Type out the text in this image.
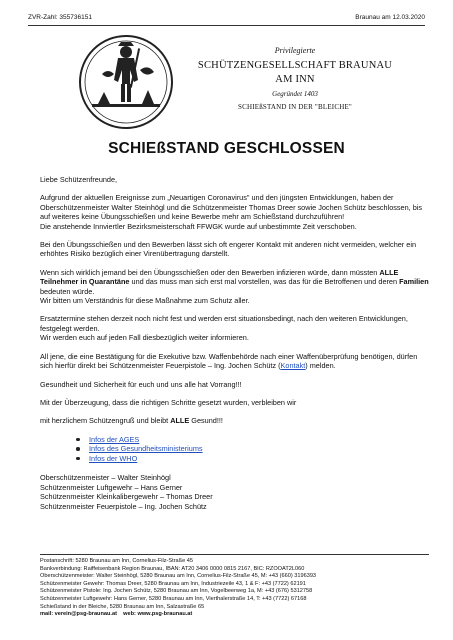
ZVR-Zahl: 355736151	Braunau am 12.03.2020
Privilegierte
SCHÜTZENGESELLSCHAFT BRAUNAU AM INN
Gegründet 1403
SCHIEßSTAND IN DER "BLEICHE"
SCHIEßSTAND GESCHLOSSEN

Liebe Schützenfreunde,

Aufgrund der aktuellen Ereignisse zum „Neuartigen Coronavirus" und den jüngsten Entwicklungen, haben der Oberschützenmeister Walter Steinhögl und die Schützenmeister Thomas Dreer sowie Jochen Schütz beschlossen, bis auf weiteres keine Übungsschießen und keine Bewerbe mehr am Schießstand durchzuführen!
Die anstehende Innviertler Bezirksmeisterschaft FFWGK wurde auf unbestimmte Zeit verschoben.

Bei den Übungsschießen und den Bewerben lässt sich oft engerer Kontakt mit anderen nicht vermeiden, welcher ein erhöhtes Risiko bezüglich einer Virenübertragung darstellt.

Wenn sich wirklich jemand bei den Übungsschießen oder den Bewerben infizieren würde, dann müssten ALLE Teilnehmer in Quarantäne und das muss man sich erst mal vorstellen, was das für die Betroffenen und deren Familien bedeuten würde.
Wir bitten um Verständnis für diese Maßnahme zum Schutz aller.

Ersatztermine stehen derzeit noch nicht fest und werden erst situationsbedingt, nach den weiteren Entwicklungen, festgelegt werden.
Wir werden euch auf jeden Fall diesbezüglich weiter informieren.

All jene, die eine Bestätigung für die Exekutive bzw. Waffenbehörde nach einer Waffenüberprüfung benötigen, dürfen sich hierfür direkt bei Schützenmeister Feuerpistole – Ing. Jochen Schütz (Kontakt) melden.

Gesundheit und Sicherheit für euch und uns alle hat Vorrang!!!

Mit der Überzeugung, dass die richtigen Schritte gesetzt wurden, verbleiben wir

mit herzlichem Schützengruß und bleibt ALLE Gesund!!!

Infos der AGES
Infos des Gesundheitsministeriums
Infos der WHO
Oberschützenmeister – Walter Steinhögl
Schützenmeister Luftgewehr – Hans Gerner
Schützenmeister Kleinkalibergewehr – Thomas Dreer
Schützenmeister Feuerpistole – Ing. Jochen Schütz
Postanschrift: 5280 Braunau am Inn, Cornelius-Filz-Straße 45
Bankverbindung: Raiffeisenbank Region Braunau, IBAN: AT20 3406 0000 0815 2167, BIC: RZOOAT2L060
Oberschützenmeister: Walter Steinhögl, 5280 Braunau am Inn, Cornelius-Filz-Straße 45, M: +43 (660) 3196393
Schützenmeister Gewehr: Thomas Dreer, 5280 Braunau am Inn, Industriezeile 43, 1 & F: +43 (7722) 62191
Schützenmeister Pistole: Ing. Jochen Schütz, 5280 Braunau am Inn, Vogelbeerweg 1a, M: +43 (676) 5312758
Schützenmeister Luftgewehr: Hans Gerner, 5280 Braunau am Inn, Vierthalerstraße 14, T: +43 (7722) 67168
Schießstand in der Bleiche, 5280 Braunau am Inn, Salzastraße 65
mail: verein@psg-braunau.at web: www.psg-braunau.at
